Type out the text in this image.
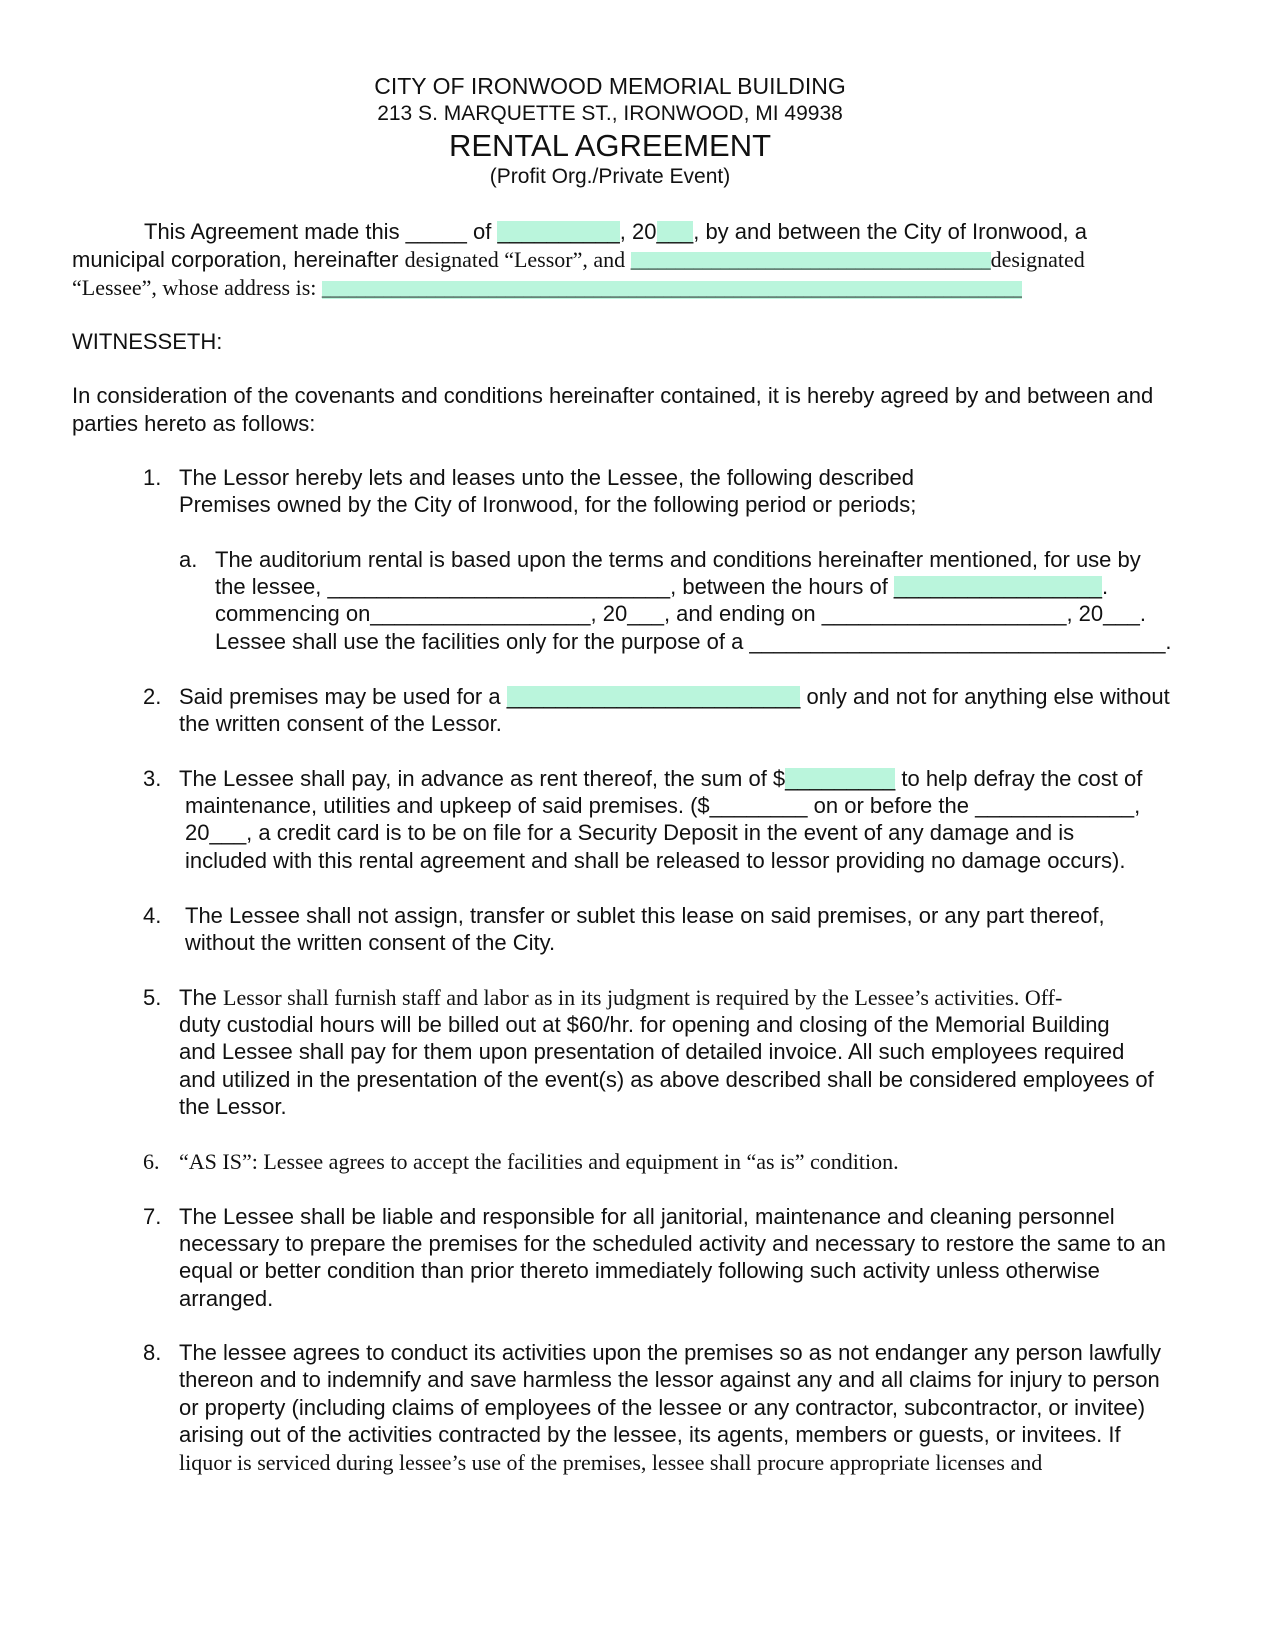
CITY OF IRONWOOD MEMORIAL BUILDING
213 S. MARQUETTE ST., IRONWOOD, MI 49938
RENTAL AGREEMENT
(Profit Org./Private Event)
This Agreement made this _____ of __________, 20___, by and between the City of Ironwood, a
municipal corporation, hereinafter designated “Lessor”, and ________________________________________designated
“Lessee”, whose address is: ________________________________________________________________________________
WITNESSETH:
In consideration of the covenants and conditions hereinafter contained, it is hereby agreed by and between and
parties hereto as follows:
1. The Lessor hereby lets and leases unto the Lessee, the following described
Premises owned by the City of Ironwood, for the following period or periods;
a. The auditorium rental is based upon the terms and conditions hereinafter mentioned, for use by
the lessee, ____________________________, between the hours of _________________.
commencing on__________________, 20___, and ending on ____________________, 20___.
Lessee shall use the facilities only for the purpose of a __________________________________.
2. Said premises may be used for a ________________________ only and not for anything else without
the written consent of the Lessor.
3. The Lessee shall pay, in advance as rent thereof, the sum of $_________ to help defray the cost of
maintenance, utilities and upkeep of said premises. ($________ on or before the _____________,
20___, a credit card is to be on file for a Security Deposit in the event of any damage and is
included with this rental agreement and shall be released to lessor providing no damage occurs).
4. The Lessee shall not assign, transfer or sublet this lease on said premises, or any part thereof,
without the written consent of the City.
5. The Lessor shall furnish staff and labor as in its judgment is required by the Lessee’s activities. Off-
duty custodial hours will be billed out at $60/hr. for opening and closing of the Memorial Building
and Lessee shall pay for them upon presentation of detailed invoice. All such employees required
and utilized in the presentation of the event(s) as above described shall be considered employees of
the Lessor.
6. “AS IS”: Lessee agrees to accept the facilities and equipment in “as is” condition.
7. The Lessee shall be liable and responsible for all janitorial, maintenance and cleaning personnel
necessary to prepare the premises for the scheduled activity and necessary to restore the same to an
equal or better condition than prior thereto immediately following such activity unless otherwise
arranged.
8. The lessee agrees to conduct its activities upon the premises so as not endanger any person lawfully
thereon and to indemnify and save harmless the lessor against any and all claims for injury to person
or property (including claims of employees of the lessee or any contractor, subcontractor, or invitee)
arising out of the activities contracted by the lessee, its agents, members or guests, or invitees. If
liquor is serviced during lessee’s use of the premises, lessee shall procure appropriate licenses and
